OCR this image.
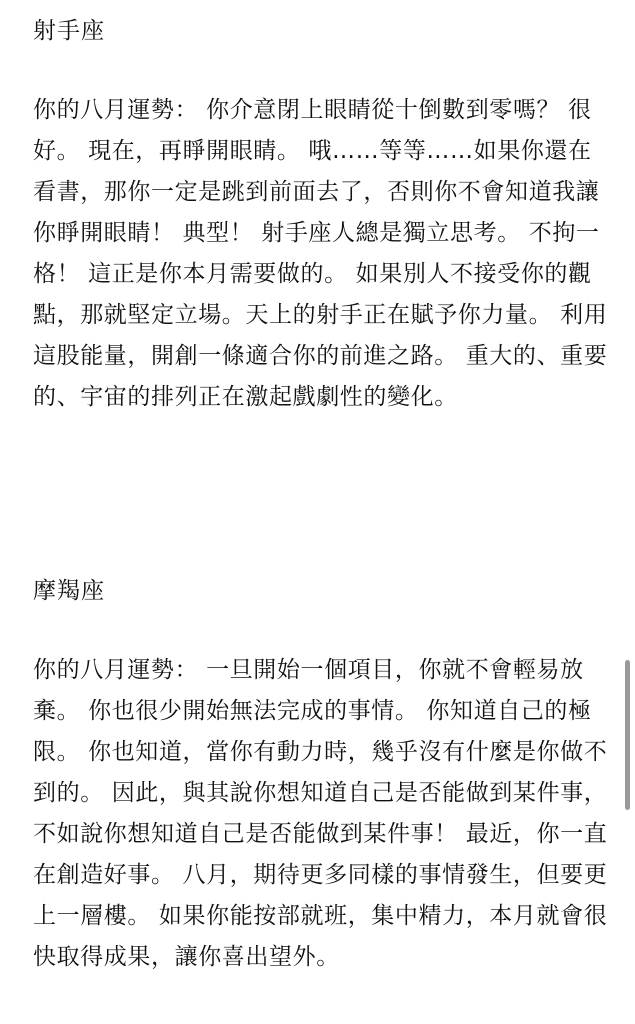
射手座

你的八月運勢： 你介意閉上眼睛從十倒數到零嗎？ 很好。 現在，再睜開眼睛。 哦……等等……如果你還在看書，那你一定是跳到前面去了，否則你不會知道我讓你睜開眼睛！ 典型！ 射手座人總是獨立思考。 不拘一格！ 這正是你本月需要做的。 如果別人不接受你的觀點，那就堅定立場。天上的射手正在賦予你力量。 利用這股能量，開創一條適合你的前進之路。 重大的、重要的、宇宙的排列正在激起戲劇性的變化。

摩羯座

你的八月運勢： 一旦開始一個項目，你就不會輕易放棄。 你也很少開始無法完成的事情。 你知道自己的極限。 你也知道，當你有動力時，幾乎沒有什麼是你做不到的。 因此，與其說你想知道自己是否能做到某件事，不如說你想知道自己是否能做到某件事！ 最近，你一直在創造好事。 八月，期待更多同樣的事情發生，但要更上一層樓。 如果你能按部就班，集中精力，本月就會很快取得成果，讓你喜出望外。
